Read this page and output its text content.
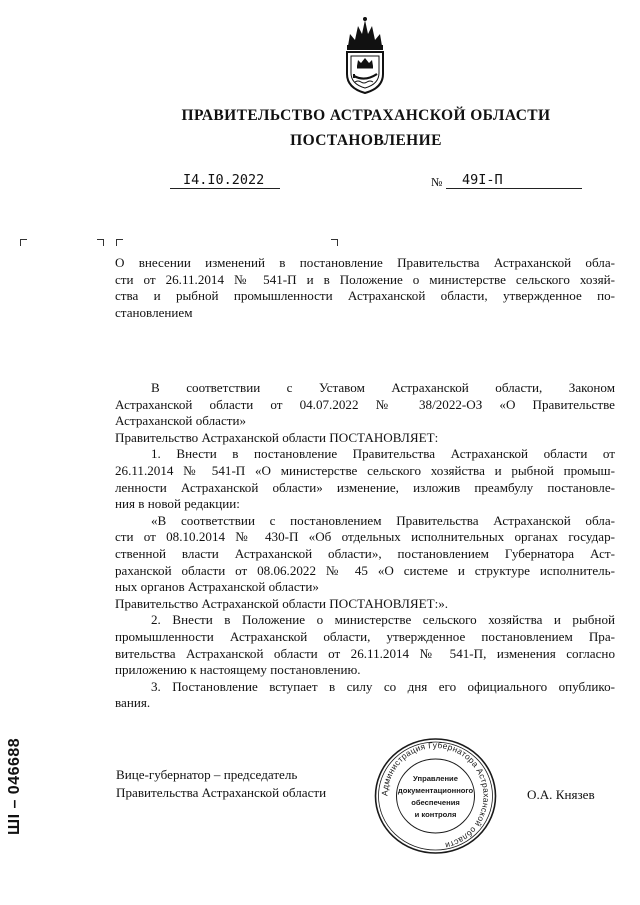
ПРАВИТЕЛЬСТВО АСТРАХАНСКОЙ ОБЛАСТИ
ПОСТАНОВЛЕНИЕ
I4.I0.2022	№ 49I-П
О внесении изменений в постановление Правительства Астраханской обла-
сти от 26.11.2014 № 541-П и в Положение о министерстве сельского хозяй-
ства и рыбной промышленности Астраханской области, утвержденное по-
становлением
В соответствии с Уставом Астраханской области, Законом
Астраханской области от 04.07.2022 № 38/2022-ОЗ «О Правительстве
Астраханской области»
Правительство Астраханской области ПОСТАНОВЛЯЕТ:
1. Внести в постановление Правительства Астраханской области от
26.11.2014 № 541-П «О министерстве сельского хозяйства и рыбной промыш-
ленности Астраханской области» изменение, изложив преамбулу постановле-
ния в новой редакции:
«В соответствии с постановлением Правительства Астраханской обла-
сти от 08.10.2014 № 430-П «Об отдельных исполнительных органах государ-
ственной власти Астраханской области», постановлением Губернатора Аст-
раханской области от 08.06.2022 № 45 «О системе и структуре исполнитель-
ных органов Астраханской области»
Правительство Астраханской области ПОСТАНОВЛЯЕТ:».
2. Внести в Положение о министерстве сельского хозяйства и рыбной
промышленности Астраханской области, утвержденное постановлением Пра-
вительства Астраханской области от 26.11.2014 № 541-П, изменения согласно
приложению к настоящему постановлению.
3. Постановление вступает в силу со дня его официального опублико-
вания.
Вице-губернатор – председатель
Правительства Астраханской области	О.А. Князев
Администрация Губернатора Астраханской области
Управление
документационного
обеспечения
и контроля
ШI – 046688
